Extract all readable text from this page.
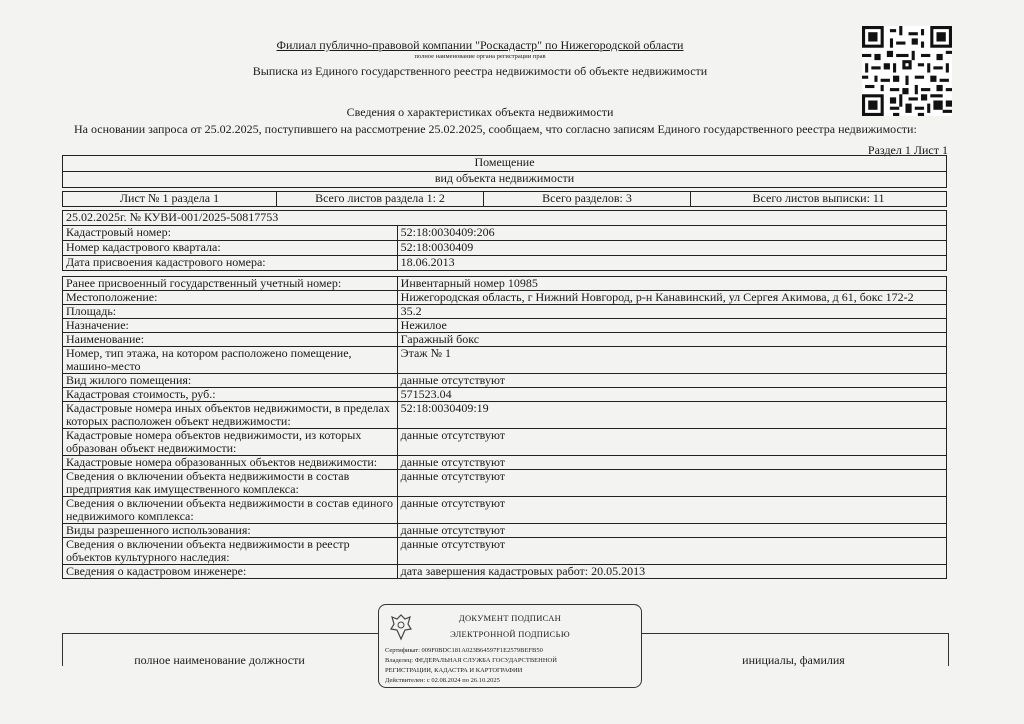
Филиал публично-правовой компании "Роскадастр" по Нижегородской области
полное наименование органа регистрации прав
Выписка из Единого государственного реестра недвижимости об объекте недвижимости
Сведения о характеристиках объекта недвижимости
На основании запроса от 25.02.2025, поступившего на рассмотрение 25.02.2025, сообщаем, что согласно записям Единого государственного реестра недвижимости:
Раздел 1 Лист 1
Помещение
вид объекта недвижимости
Лист № 1 раздела 1	Всего листов раздела 1: 2	Всего разделов: 3	Всего листов выписки: 11
25.02.2025г. № КУВИ-001/2025-50817753	
Кадастровый номер:	52:18:0030409:206
Номер кадастрового квартала:	52:18:0030409
Дата присвоения кадастрового номера:	18.06.2013
Ранее присвоенный государственный учетный номер:	Инвентарный номер 10985
Местоположение:	Нижегородская область, г Нижний Новгород, р-н Канавинский, ул Сергея Акимова, д 61, бокс 172-2
Площадь:	35.2
Назначение:	Нежилое
Наименование:	Гаражный бокс
Номер, тип этажа, на котором расположено помещение, машино-место	Этаж № 1
Вид жилого помещения:	данные отсутствуют
Кадастровая стоимость, руб.:	571523.04
Кадастровые номера иных объектов недвижимости, в пределах которых расположен объект недвижимости:	52:18:0030409:19
Кадастровые номера объектов недвижимости, из которых образован объект недвижимости:	данные отсутствуют
Кадастровые номера образованных объектов недвижимости:	данные отсутствуют
Сведения о включении объекта недвижимости в состав предприятия как имущественного комплекса:	данные отсутствуют
Сведения о включении объекта недвижимости в состав единого недвижимого комплекса:	данные отсутствуют
Виды разрешенного использования:	данные отсутствуют
Сведения о включении объекта недвижимости в реестр объектов культурного наследия:	данные отсутствуют
Сведения о кадастровом инженере:	дата завершения кадастровых работ: 20.05.2013
полное наименование должности	инициалы, фамилия
ДОКУМЕНТ ПОДПИСАН
ЭЛЕКТРОННОЙ ПОДПИСЬЮ
Сертификат: 009F0BDC181A023B64597F1E2579BEFB50
Владелец: ФЕДЕРАЛЬНАЯ СЛУЖБА ГОСУДАРСТВЕННОЙ
РЕГИСТРАЦИИ, КАДАСТРА И КАРТОГРАФИИ
Действителен: с 02.08.2024 по 26.10.2025
